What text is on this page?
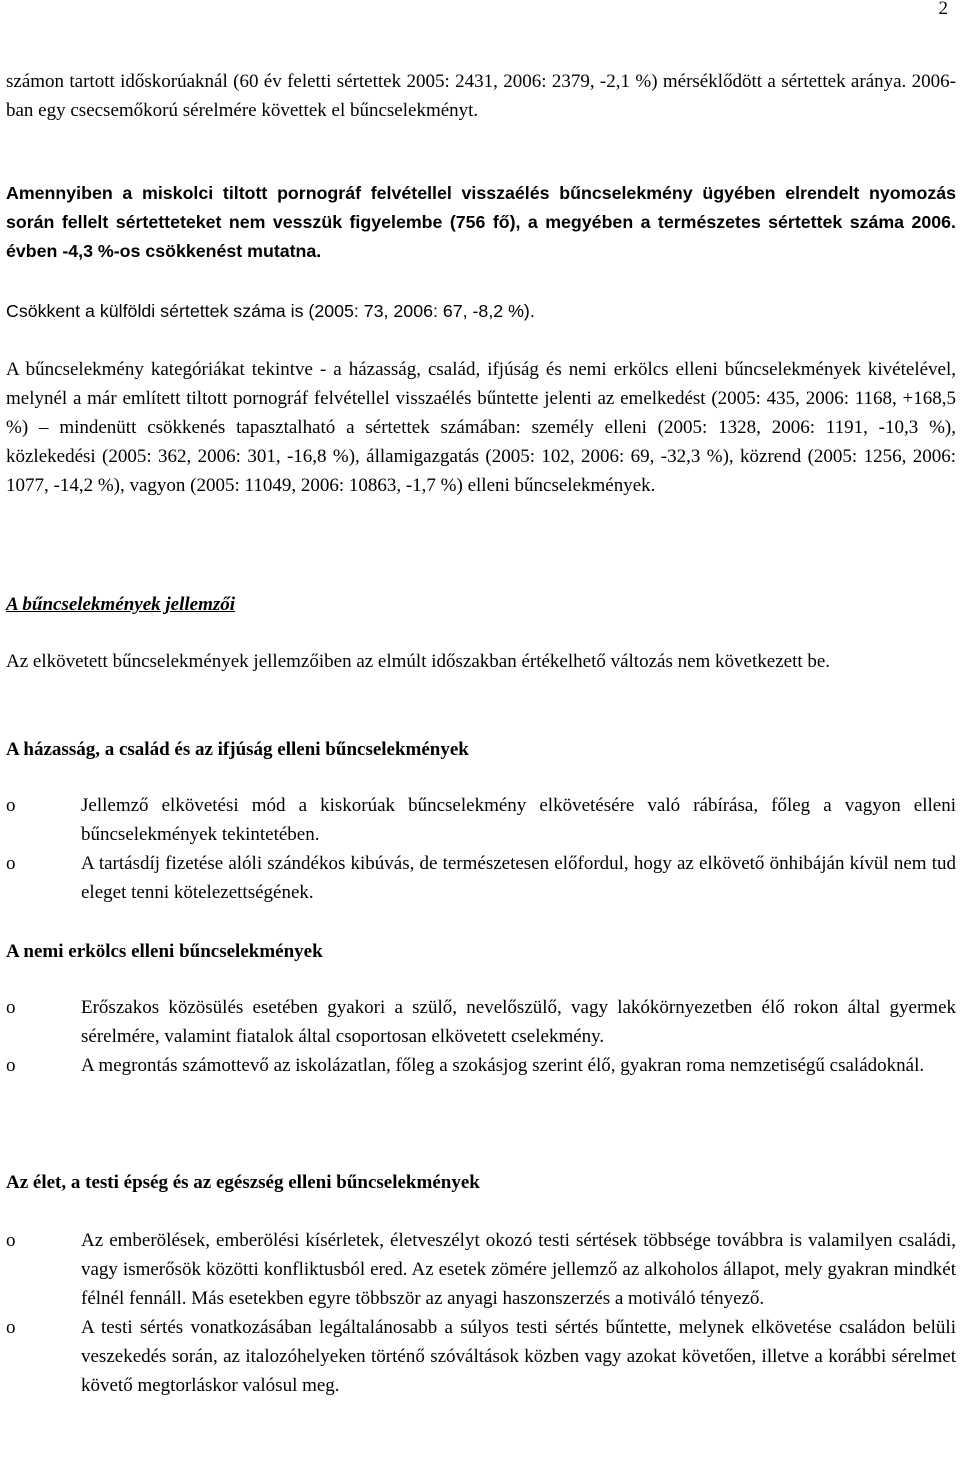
2

számon tartott időskorúaknál (60 év feletti sértettek 2005: 2431, 2006: 2379, -2,1 %) mérséklődött a sértettek aránya. 2006-ban egy csecsemőkorú sérelmére követtek el bűncselekményt.

Amennyiben a miskolci tiltott pornográf felvétellel visszaélés bűncselekmény ügyében elrendelt nyomozás során fellelt sértetteteket nem vesszük figyelembe (756 fő), a megyében a természetes sértettek száma 2006. évben -4,3 %-os csökkenést mutatna.

Csökkent a külföldi sértettek száma is (2005: 73, 2006: 67, -8,2 %).

A bűncselekmény kategóriákat tekintve - a házasság, család, ifjúság és nemi erkölcs elleni bűncselekmények kivételével, melynél a már említett tiltott pornográf felvétellel visszaélés bűntette jelenti az emelkedést (2005: 435, 2006: 1168, +168,5 %) – mindenütt csökkenés tapasztalható a sértettek számában: személy elleni (2005: 1328, 2006: 1191, -10,3 %), közlekedési (2005: 362, 2006: 301, -16,8 %), államigazgatás (2005: 102, 2006: 69, -32,3 %), közrend (2005: 1256, 2006: 1077, -14,2 %), vagyon (2005: 11049, 2006: 10863, -1,7 %) elleni bűncselekmények.

A bűncselekmények jellemzői

Az elkövetett bűncselekmények jellemzőiben az elmúlt időszakban értékelhető változás nem következett be.

A házasság, a család és az ifjúság elleni bűncselekmények
o	Jellemző elkövetési mód a kiskorúak bűncselekmény elkövetésére való rábírása, főleg a vagyon elleni bűncselekmények tekintetében.
o	A tartásdíj fizetése alóli szándékos kibúvás, de természetesen előfordul, hogy az elkövető önhibáján kívül nem tud eleget tenni kötelezettségének.
A nemi erkölcs elleni bűncselekmények
o	Erőszakos közösülés esetében gyakori a szülő, nevelőszülő, vagy lakókörnyezetben élő rokon által gyermek sérelmére, valamint fiatalok által csoportosan elkövetett cselekmény.
o	A megrontás számottevő az iskolázatlan, főleg a szokásjog szerint élő, gyakran roma nemzetiségű családoknál.
Az élet, a testi épség és az egészség elleni bűncselekmények
o	Az emberölések, emberölési kísérletek, életveszélyt okozó testi sértések többsége továbbra is valamilyen családi, vagy ismerősök közötti konfliktusból ered. Az esetek zömére jellemző az alkoholos állapot, mely gyakran mindkét félnél fennáll. Más esetekben egyre többször az anyagi haszonszerzés a motiváló tényező.
o	A testi sértés vonatkozásában legáltalánosabb a súlyos testi sértés bűntette, melynek elkövetése családon belüli veszekedés során, az italozóhelyeken történő szóváltások közben vagy azokat követően, illetve a korábbi sérelmet követő megtorláskor valósul meg.
